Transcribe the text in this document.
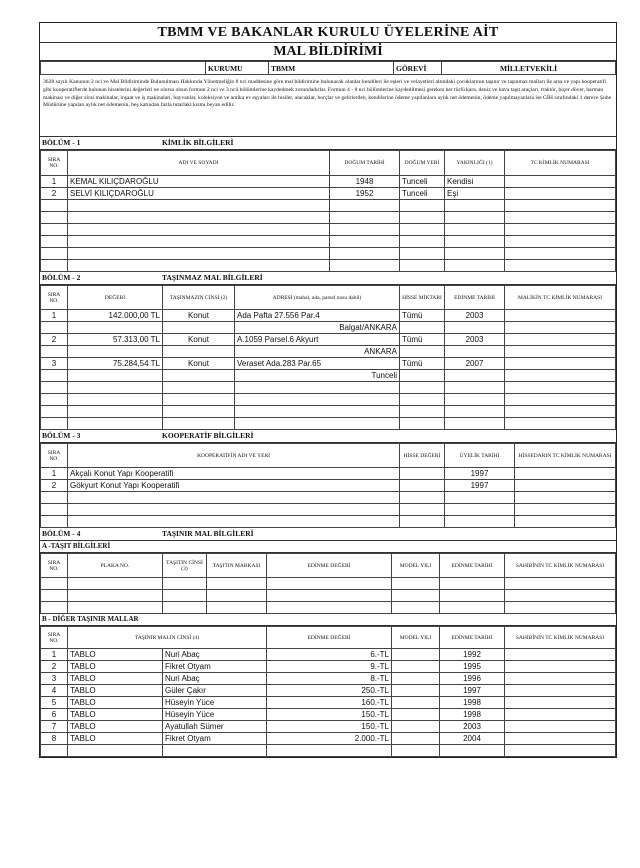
TBMM VE BAKANLAR KURULU ÜYELERİNE AİT
MAL BİLDİRİMİ
	KURUMU	TBMM	GÖREVİ	MİLLETVEKİLİ
3628 sayılı Kanunun 2 nci ve Mal Bildiriminde Bulunulması Hakkında Yönetmeliğin 8 nci maddesine göre mal bildirimine bulunacak olanlar kendileri ile eşleri ve velayetleri altındaki çocuklarının taşınır ve taşınmaz malları ile arsa ve yapı kooperatifi gibi kooperatiflerde bulunan hisselerini değerleri ne olursa olsun formun 2 nci ve 3 ncü bölümlerine kaydedmek zorundadırlar. Formun 4 - 8 nci bölümlerine kaydedilmesi gereken her türlü kara, deniz ve hava taşıt araçları, traktör, biçer döver, harman makinası ve diğer zirai makinalar, inşaat ve iş makinaları, hayvanlar, koleksiyon ve antika ev eşyaları ile hisiler, alacaklar, borçlar ve gelirlerden, kendilerine ödeme yapılanlara aylık net ödemenin, ödeme yapılmayanlara ise GİH sınıfındaki 1 derece Şube Müdürüne yapılan aylık net ödemenin, beş katından fazla tutarlaki kısmı beyan edilir.
BÖLÜM - 1	KİMLİK BİLGİLERİ
SIRA NO.	ADI VE SOYADI	DOĞUM TARİHİ	DOĞUM YERİ	YAKINLIĞI (1)	TC KİMLİK NUMARASI
1	KEMAL KILIÇDAROĞLU	1948	Tunceli	Kendisi	
2	SELVİ KILIÇDAROĞLU	1952	Tunceli	Eşi	

BÖLÜM - 2	TAŞINMAZ MAL BİLGİLERİ
SIRA NO.	DEĞERİ	TAŞINMAZIN CİNSİ (2)	ADRESİ (mahal, ada, parsel nosu dahil)	HİSSE MİKTARI	EDİNME TARİHİ	MALİKİN TC KİMLİK NUMARASI
1	142.000,00 TL	Konut	Ada Pafta 27.556 Par.4	Tümü	2003	
			Balgat/ANKARA			
2	57.313,00 TL	Konut	A.1059 Parsel.6 Akyurt	Tümü	2003	
			ANKARA			
3	75.284,54 TL	Konut	Veraset Ada.283 Par.65	Tümü	2007	
			Tunceli			

BÖLÜM - 3	KOOPERATİF BİLGİLERİ
SIRA NO.	KOOPERATİFİN ADI VE YERİ	HİSSE DEĞERİ	ÜYELİK TARİHİ	HİSSEDARIN TC KİMLİK NUMARASI
1	Akçalı Konut Yapı Kooperatifi		1997	
2	Gökyurt Konut Yapı Kooperatifi		1997	

BÖLÜM - 4	TAŞINIR MAL BİLGİLERİ
A -TAŞIT BİLGİLERİ
SIRA NO.	PLAKA NO.	TAŞITIN CİNSİ (3)	TAŞITIN MARKASI	EDİNME DEĞERİ	MODEL YILI	EDİNME TARİHİ	SAHİBİNİN TC KİMLİK NUMARASI

B - DİĞER TAŞINIR MALLAR
SIRA NO.	TAŞINIR MALIN CİNSİ (4)		EDİNME DEĞERİ	MODEL YILI	EDİNME TARİHİ	SAHİBİNİN TC KİMLİK NUMARASI
1	TABLO	Nuri Abaç	6.-TL		1992	
2	TABLO	Fikret Otyam	9.-TL		1995	
3	TABLO	Nuri Abaç	8.-TL		1996	
4	TABLO	Güler Çakır	250.-TL		1997	
5	TABLO	Hüseyin Yüce	160.-TL		1998	
6	TABLO	Hüseyin Yüce	150.-TL		1998	
7	TABLO	Ayatullah Sümer	150.-TL		2003	
8	TABLO	Fikret Otyam	2.000.-TL		2004	
